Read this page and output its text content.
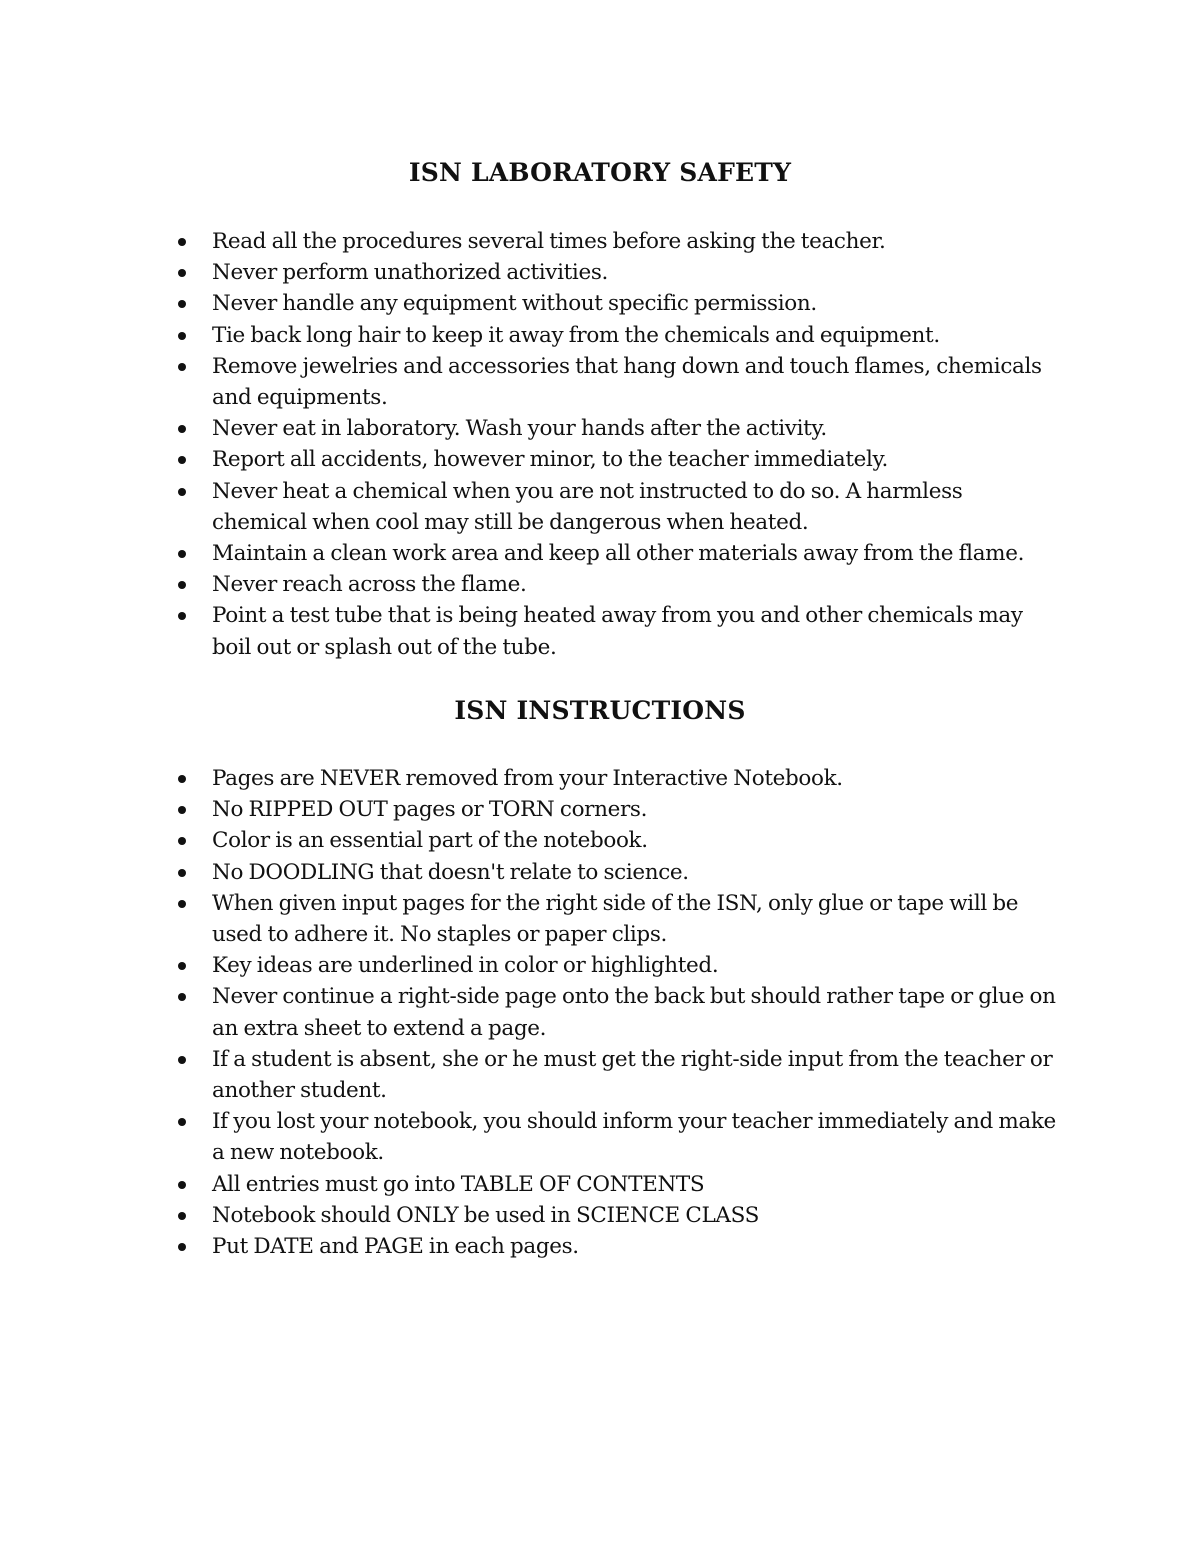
ISN LABORATORY SAFETY
Read all the procedures several times before asking the teacher.
Never perform unathorized activities.
Never handle any equipment without specific permission.
Tie back long hair to keep it away from the chemicals and equipment.
Remove jewelries and accessories that hang down and touch flames, chemicals and equipments.
Never eat in laboratory. Wash your hands after the activity.
Report all accidents, however minor, to the teacher immediately.
Never heat a chemical when you are not instructed to do so. A harmless chemical when cool may still be dangerous when heated.
Maintain a clean work area and keep all other materials away from the flame.
Never reach across the flame.
Point a test tube that is being heated away from you and other chemicals may boil out or splash out of the tube.
ISN INSTRUCTIONS
Pages are NEVER removed from your Interactive Notebook.
No RIPPED OUT pages or TORN corners.
Color is an essential part of the notebook.
No DOODLING that doesn't relate to science.
When given input pages for the right side of the ISN, only glue or tape will be used to adhere it. No staples or paper clips.
Key ideas are underlined in color or highlighted.
Never continue a right-side page onto the back but should rather tape or glue on an extra sheet to extend a page.
If a student is absent, she or he must get the right-side input from the teacher or another student.
If you lost your notebook, you should inform your teacher immediately and make a new notebook.
All entries must go into TABLE OF CONTENTS
Notebook should ONLY be used in SCIENCE CLASS
Put DATE and PAGE in each pages.
